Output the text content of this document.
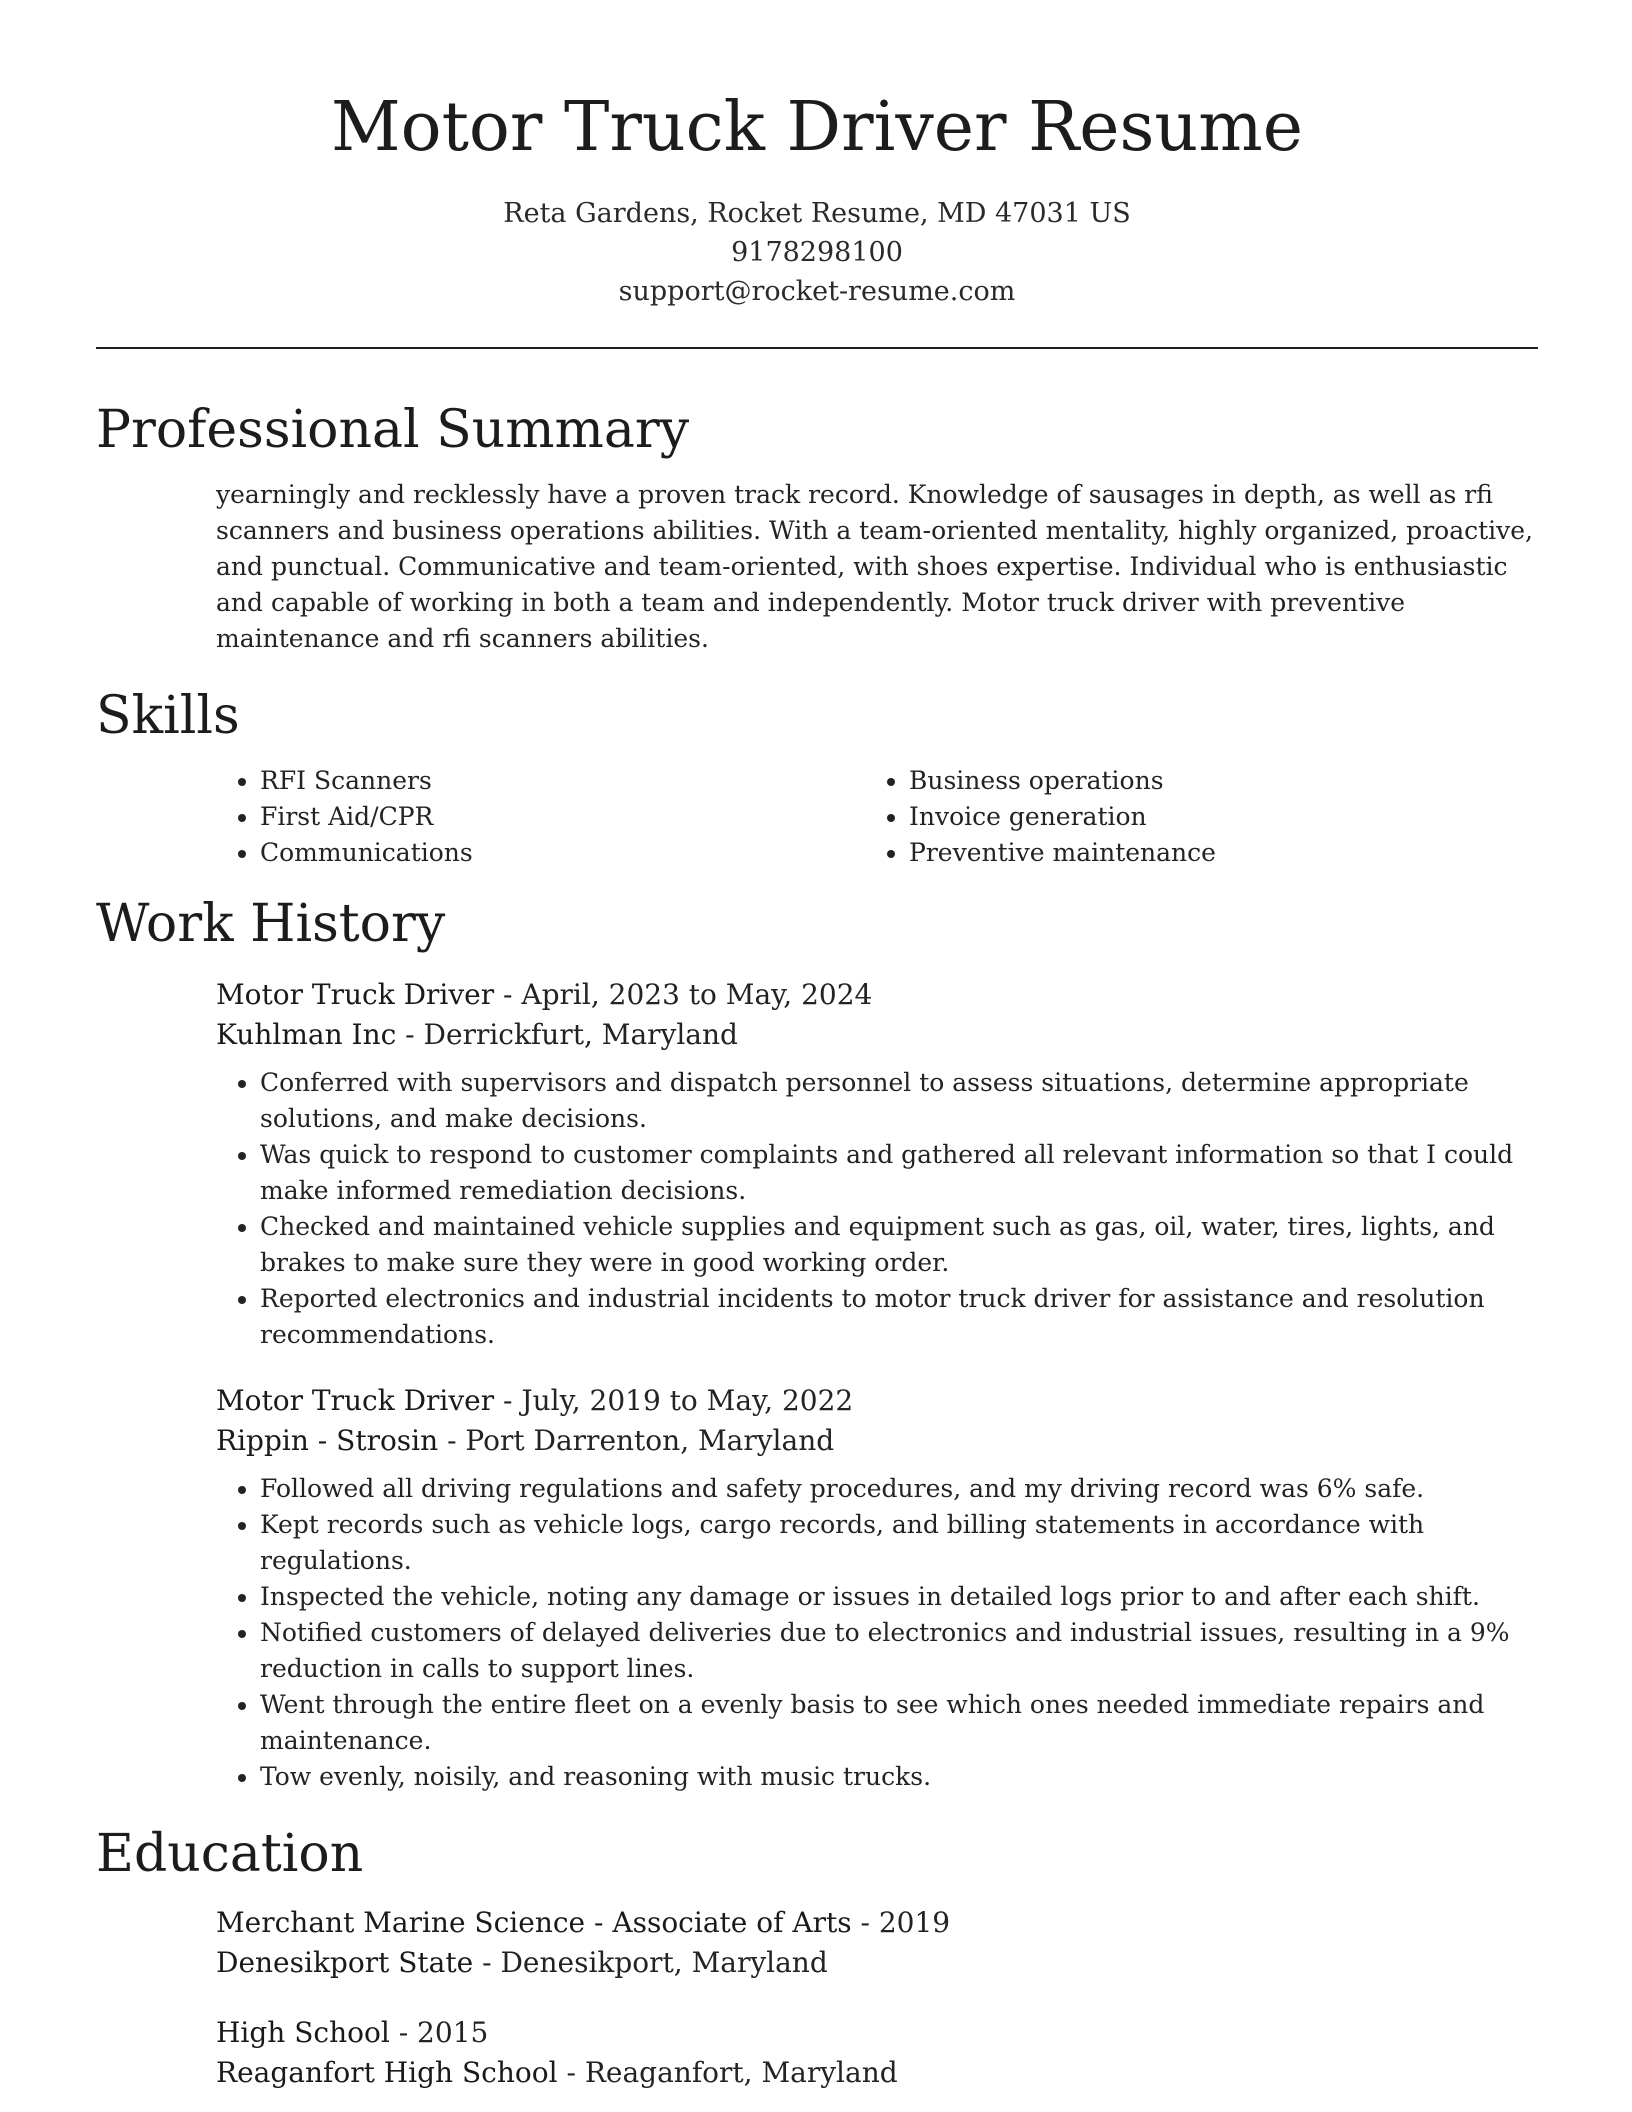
Motor Truck Driver Resume
Reta Gardens, Rocket Resume, MD 47031 US
9178298100
support@rocket-resume.com
Professional Summary

yearningly and recklessly have a proven track record. Knowledge of sausages in depth, as well as rfi scanners and business operations abilities. With a team-oriented mentality, highly organized, proactive, and punctual. Communicative and team-oriented, with shoes expertise. Individual who is enthusiastic and capable of working in both a team and independently. Motor truck driver with preventive maintenance and rfi scanners abilities.

Skills
• RFI Scanners
• First Aid/CPR
• Communications
• Business operations
• Invoice generation
• Preventive maintenance
Work History
Motor Truck Driver - April, 2023 to May, 2024
Kuhlman Inc - Derrickfurt, Maryland
• Conferred with supervisors and dispatch personnel to assess situations, determine appropriate solutions, and make decisions.
• Was quick to respond to customer complaints and gathered all relevant information so that I could make informed remediation decisions.
• Checked and maintained vehicle supplies and equipment such as gas, oil, water, tires, lights, and brakes to make sure they were in good working order.
• Reported electronics and industrial incidents to motor truck driver for assistance and resolution recommendations.
Motor Truck Driver - July, 2019 to May, 2022
Rippin - Strosin - Port Darrenton, Maryland
• Followed all driving regulations and safety procedures, and my driving record was 6% safe.
• Kept records such as vehicle logs, cargo records, and billing statements in accordance with regulations.
• Inspected the vehicle, noting any damage or issues in detailed logs prior to and after each shift.
• Notified customers of delayed deliveries due to electronics and industrial issues, resulting in a 9% reduction in calls to support lines.
• Went through the entire fleet on a evenly basis to see which ones needed immediate repairs and maintenance.
• Tow evenly, noisily, and reasoning with music trucks.
Education
Merchant Marine Science - Associate of Arts - 2019
Denesikport State - Denesikport, Maryland
High School - 2015
Reaganfort High School - Reaganfort, Maryland
